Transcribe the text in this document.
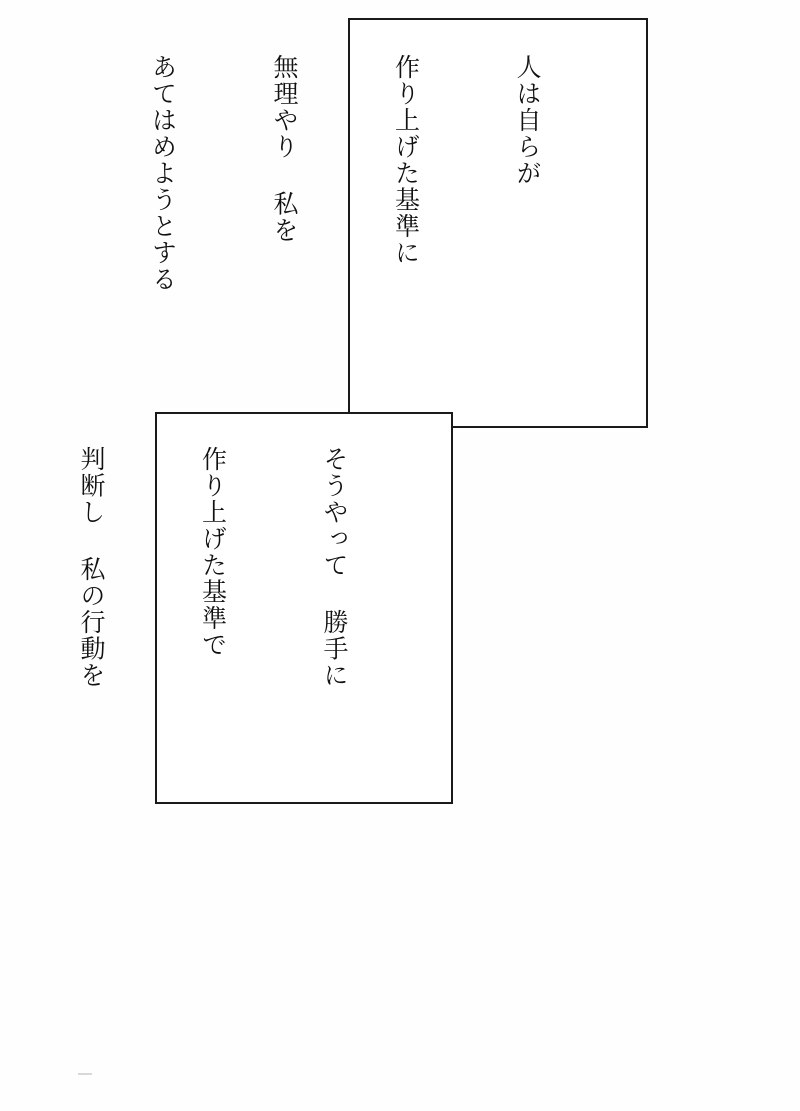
人は自らが

作り上げた基準に

無理やり 私を

あてはめようとする

そうやって 勝手に

作り上げた基準で

判断し 私の行動を
